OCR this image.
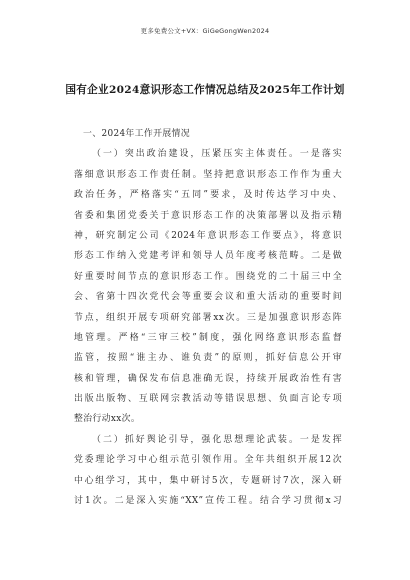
更多免费公文+VX：GiGeGongWen2024
国有企业2024意识形态工作情况总结及2025年工作计划
一、2024年工作开展情况
（一）突出政治建设，压紧压实主体责任。一是落实
落细意识形态工作责任制。坚持把意识形态工作作为重大
政治任务，严格落实“五同”要求，及时传达学习中央、
省委和集团党委关于意识形态工作的决策部署以及指示精
神，研究制定公司《2024年意识形态工作要点》，将意识
形态工作纳入党建考评和领导人员年度考核范畴。二是做
好重要时间节点的意识形态工作。围绕党的二十届三中全
会、省第十四次党代会等重要会议和重大活动的重要时间
节点，组织开展专项研究部署xx次。三是加强意识形态阵
地管理。严格“三审三校”制度，强化网络意识形态监督
监管，按照“谁主办、谁负责”的原则，抓好信息公开审
核和管理，确保发布信息准确无误，持续开展政治性有害
出版出版物、互联网宗教活动等错误思想、负面言论专项
整治行动xx次。
（二）抓好舆论引导，强化思想理论武装。一是发挥
党委理论学习中心组示范引领作用。全年共组织开展12次
中心组学习，其中，集中研讨5次，专题研讨7次，深入研
讨1次。二是深入实施“XX”宣传工程。结合学习贯彻x习
